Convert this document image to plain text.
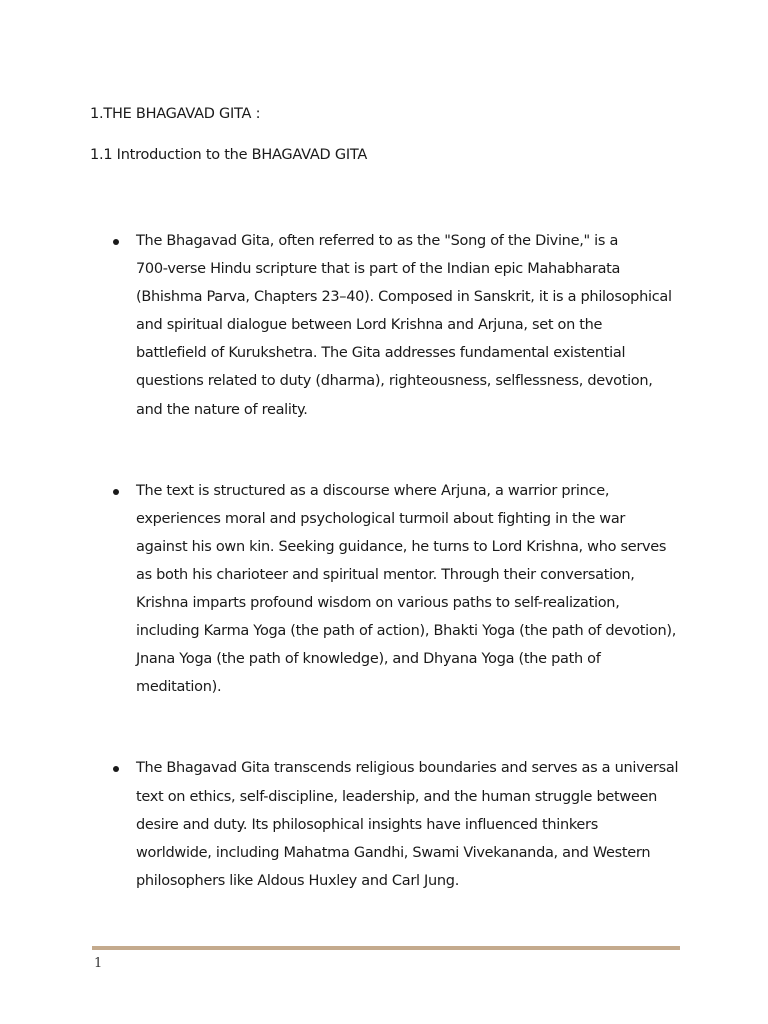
1.THE BHAGAVAD GITA :
1.1 Introduction to the BHAGAVAD GITA
The Bhagavad Gita, often referred to as the "Song of the Divine," is a
700-verse Hindu scripture that is part of the Indian epic Mahabharata
(Bhishma Parva, Chapters 23–40). Composed in Sanskrit, it is a philosophical
and spiritual dialogue between Lord Krishna and Arjuna, set on the
battlefield of Kurukshetra. The Gita addresses fundamental existential
questions related to duty (dharma), righteousness, selflessness, devotion,
and the nature of reality.
The text is structured as a discourse where Arjuna, a warrior prince,
experiences moral and psychological turmoil about fighting in the war
against his own kin. Seeking guidance, he turns to Lord Krishna, who serves
as both his charioteer and spiritual mentor. Through their conversation,
Krishna imparts profound wisdom on various paths to self-realization,
including Karma Yoga (the path of action), Bhakti Yoga (the path of devotion),
Jnana Yoga (the path of knowledge), and Dhyana Yoga (the path of
meditation).
The Bhagavad Gita transcends religious boundaries and serves as a universal
text on ethics, self-discipline, leadership, and the human struggle between
desire and duty. Its philosophical insights have influenced thinkers
worldwide, including Mahatma Gandhi, Swami Vivekananda, and Western
philosophers like Aldous Huxley and Carl Jung.
1
